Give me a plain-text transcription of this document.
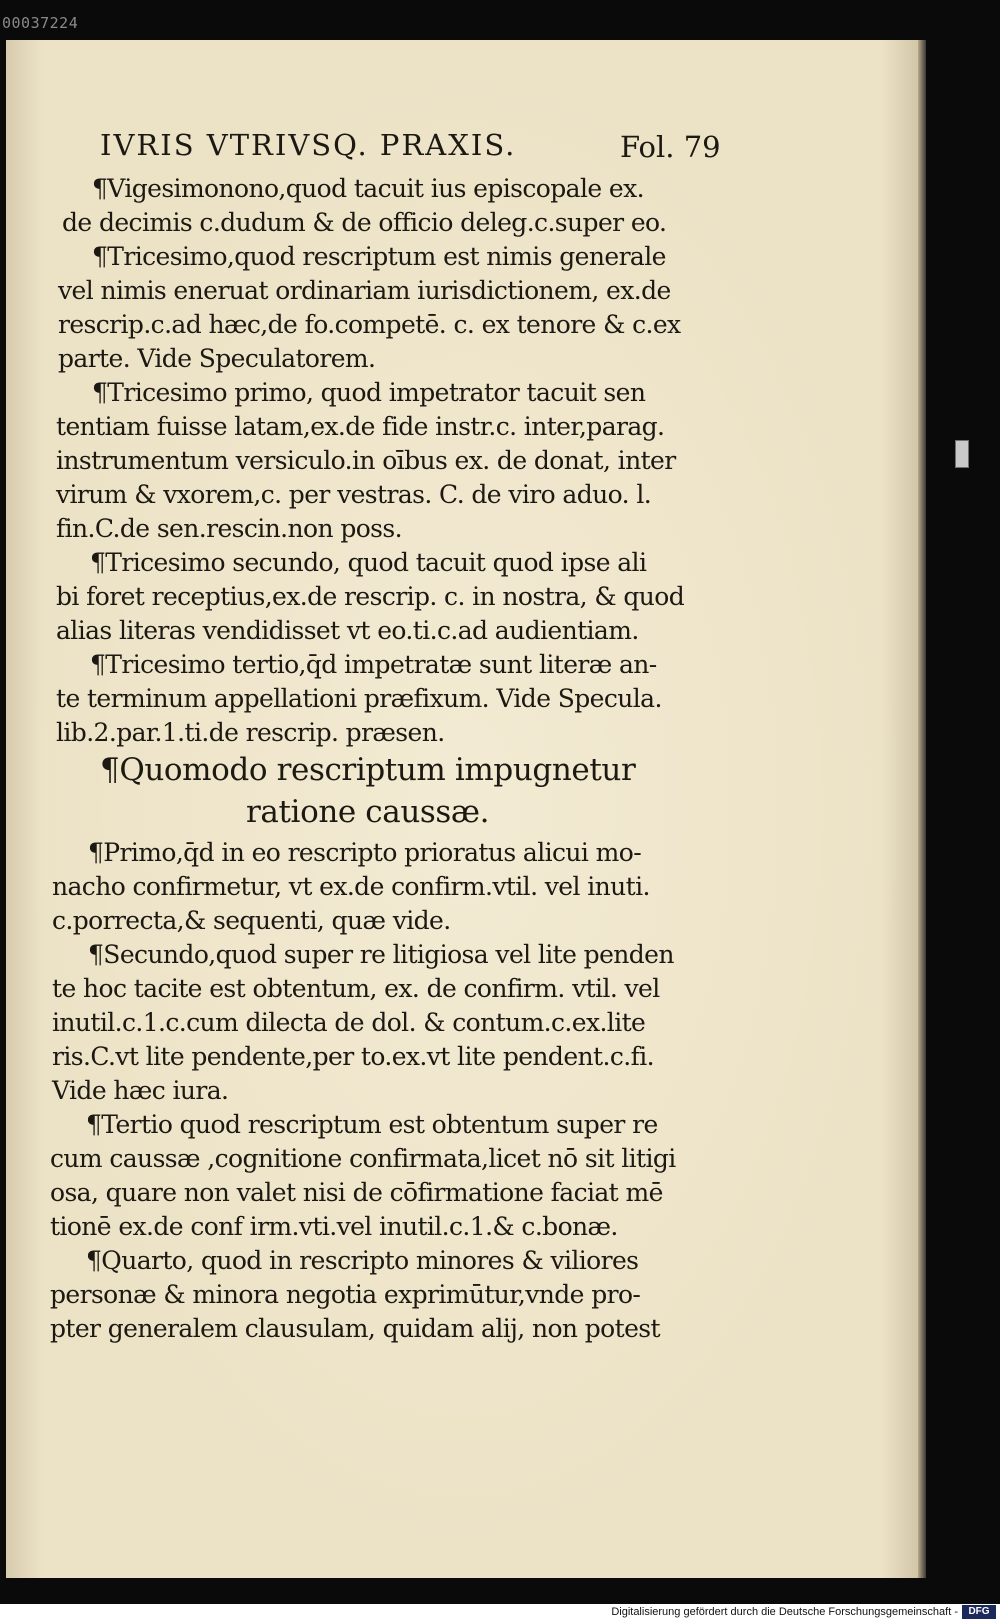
00037224
IVRIS VTRIVSQ. PRAXIS.	Fol. 79
¶Vigesimonono,quod tacuit ius episcopale ex.
de decimis c.dudum & de officio deleg.c.super eo.
¶Tricesimo,quod rescriptum est nimis generale
vel nimis eneruat ordinariam iurisdictionem, ex.de
rescrip.c.ad hæc,de fo.competē. c. ex tenore & c.ex
parte. Vide Speculatorem.
¶Tricesimo primo, quod impetrator tacuit sen
tentiam fuisse latam,ex.de fide instr.c. inter,parag.
instrumentum versiculo.in oībus ex. de donat, inter
virum & vxorem,c. per vestras. C. de viro aduo. l.
fin.C.de sen.rescin.non poss.
¶Tricesimo secundo, quod tacuit quod ipse ali
bi foret receptius,ex.de rescrip. c. in nostra, & quod
alias literas vendidisset vt eo.ti.c.ad audientiam.
¶Tricesimo tertio,q̄d impetratæ sunt literæ an-
te terminum appellationi præfixum. Vide Specula.
lib.2.par.1.ti.de rescrip. præsen.
¶Quomodo rescriptum impugnetur
ratione caussæ.
¶Primo,q̄d in eo rescripto prioratus alicui mo-
nacho confirmetur, vt ex.de confirm.vtil. vel inuti.
c.porrecta,& sequenti, quæ vide.
¶Secundo,quod super re litigiosa vel lite penden
te hoc tacite est obtentum, ex. de confirm. vtil. vel
inutil.c.1.c.cum dilecta de dol. & contum.c.ex.lite
ris.C.vt lite pendente,per to.ex.vt lite pendent.c.fi.
Vide hæc iura.
¶Tertio quod rescriptum est obtentum super re
cum caussæ ,cognitione confirmata,licet nō sit litigi
osa, quare non valet nisi de cōfirmatione faciat mē
tionē ex.de conf irm.vti.vel inutil.c.1.& c.bonæ.
¶Quarto, quod in rescripto minores & viliores
personæ & minora negotia exprimūtur,vnde pro-
pter generalem clausulam, quidam alij, non potest
Digitalisierung gefördert durch die Deutsche Forschungsgemeinschaft -	DFG
